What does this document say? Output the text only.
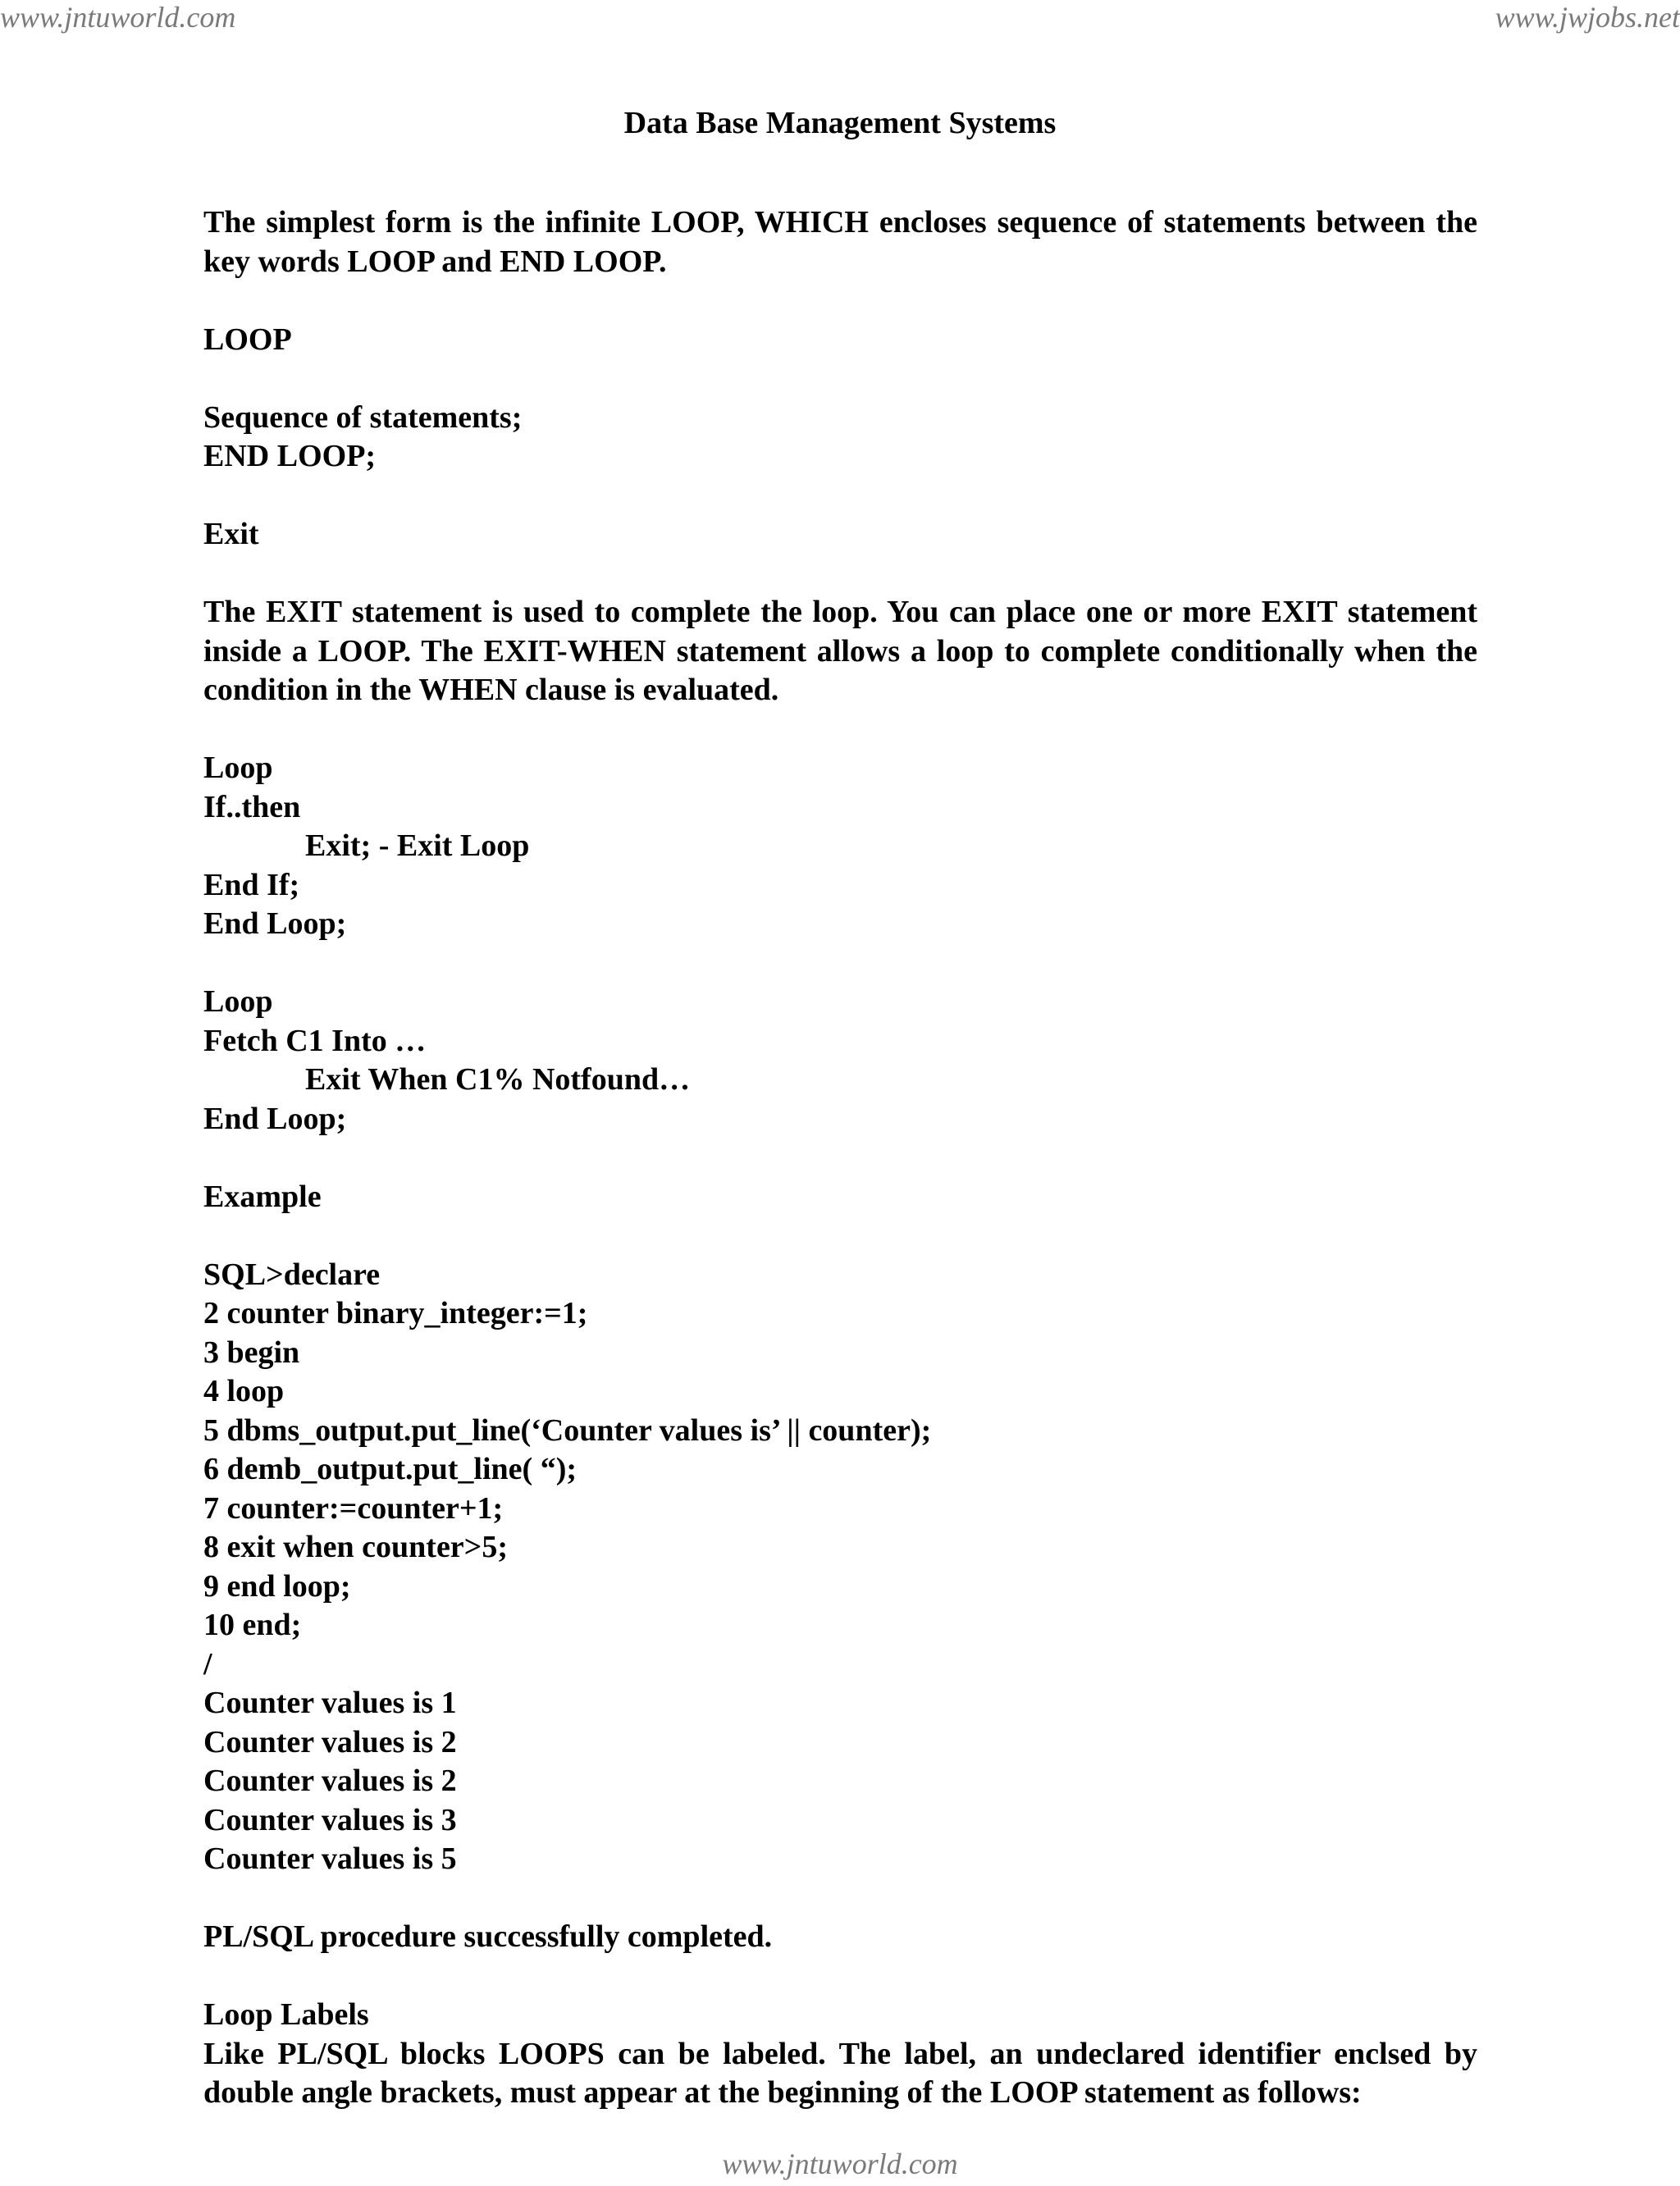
www.jntuworld.com	www.jwjobs.net
Data Base Management Systems

The simplest form is the infinite LOOP, WHICH encloses sequence of statements between the key words LOOP and END LOOP.

LOOP

Sequence of statements;

END LOOP;

Exit

The EXIT statement is used to complete the loop. You can place one or more EXIT statement inside a LOOP. The EXIT-WHEN statement allows a loop to complete conditionally when the condition in the WHEN clause is evaluated.

Loop

If..then

Exit; - Exit Loop

End If;

End Loop;

Loop

Fetch C1 Into …

Exit When C1% Notfound…

End Loop;

Example

SQL>declare

2 counter binary_integer:=1;

3 begin

4 loop

5 dbms_output.put_line(‘Counter values is’ || counter);

6 demb_output.put_line( “);

7 counter:=counter+1;

8 exit when counter>5;

9 end loop;

10 end;

/

Counter values is 1

Counter values is 2

Counter values is 2

Counter values is 3

Counter values is 5

PL/SQL procedure successfully completed.

Loop Labels

Like PL/SQL blocks LOOPS can be labeled. The label, an undeclared identifier enclsed by double angle brackets, must appear at the beginning of the LOOP statement as follows:

www.jntuworld.com
